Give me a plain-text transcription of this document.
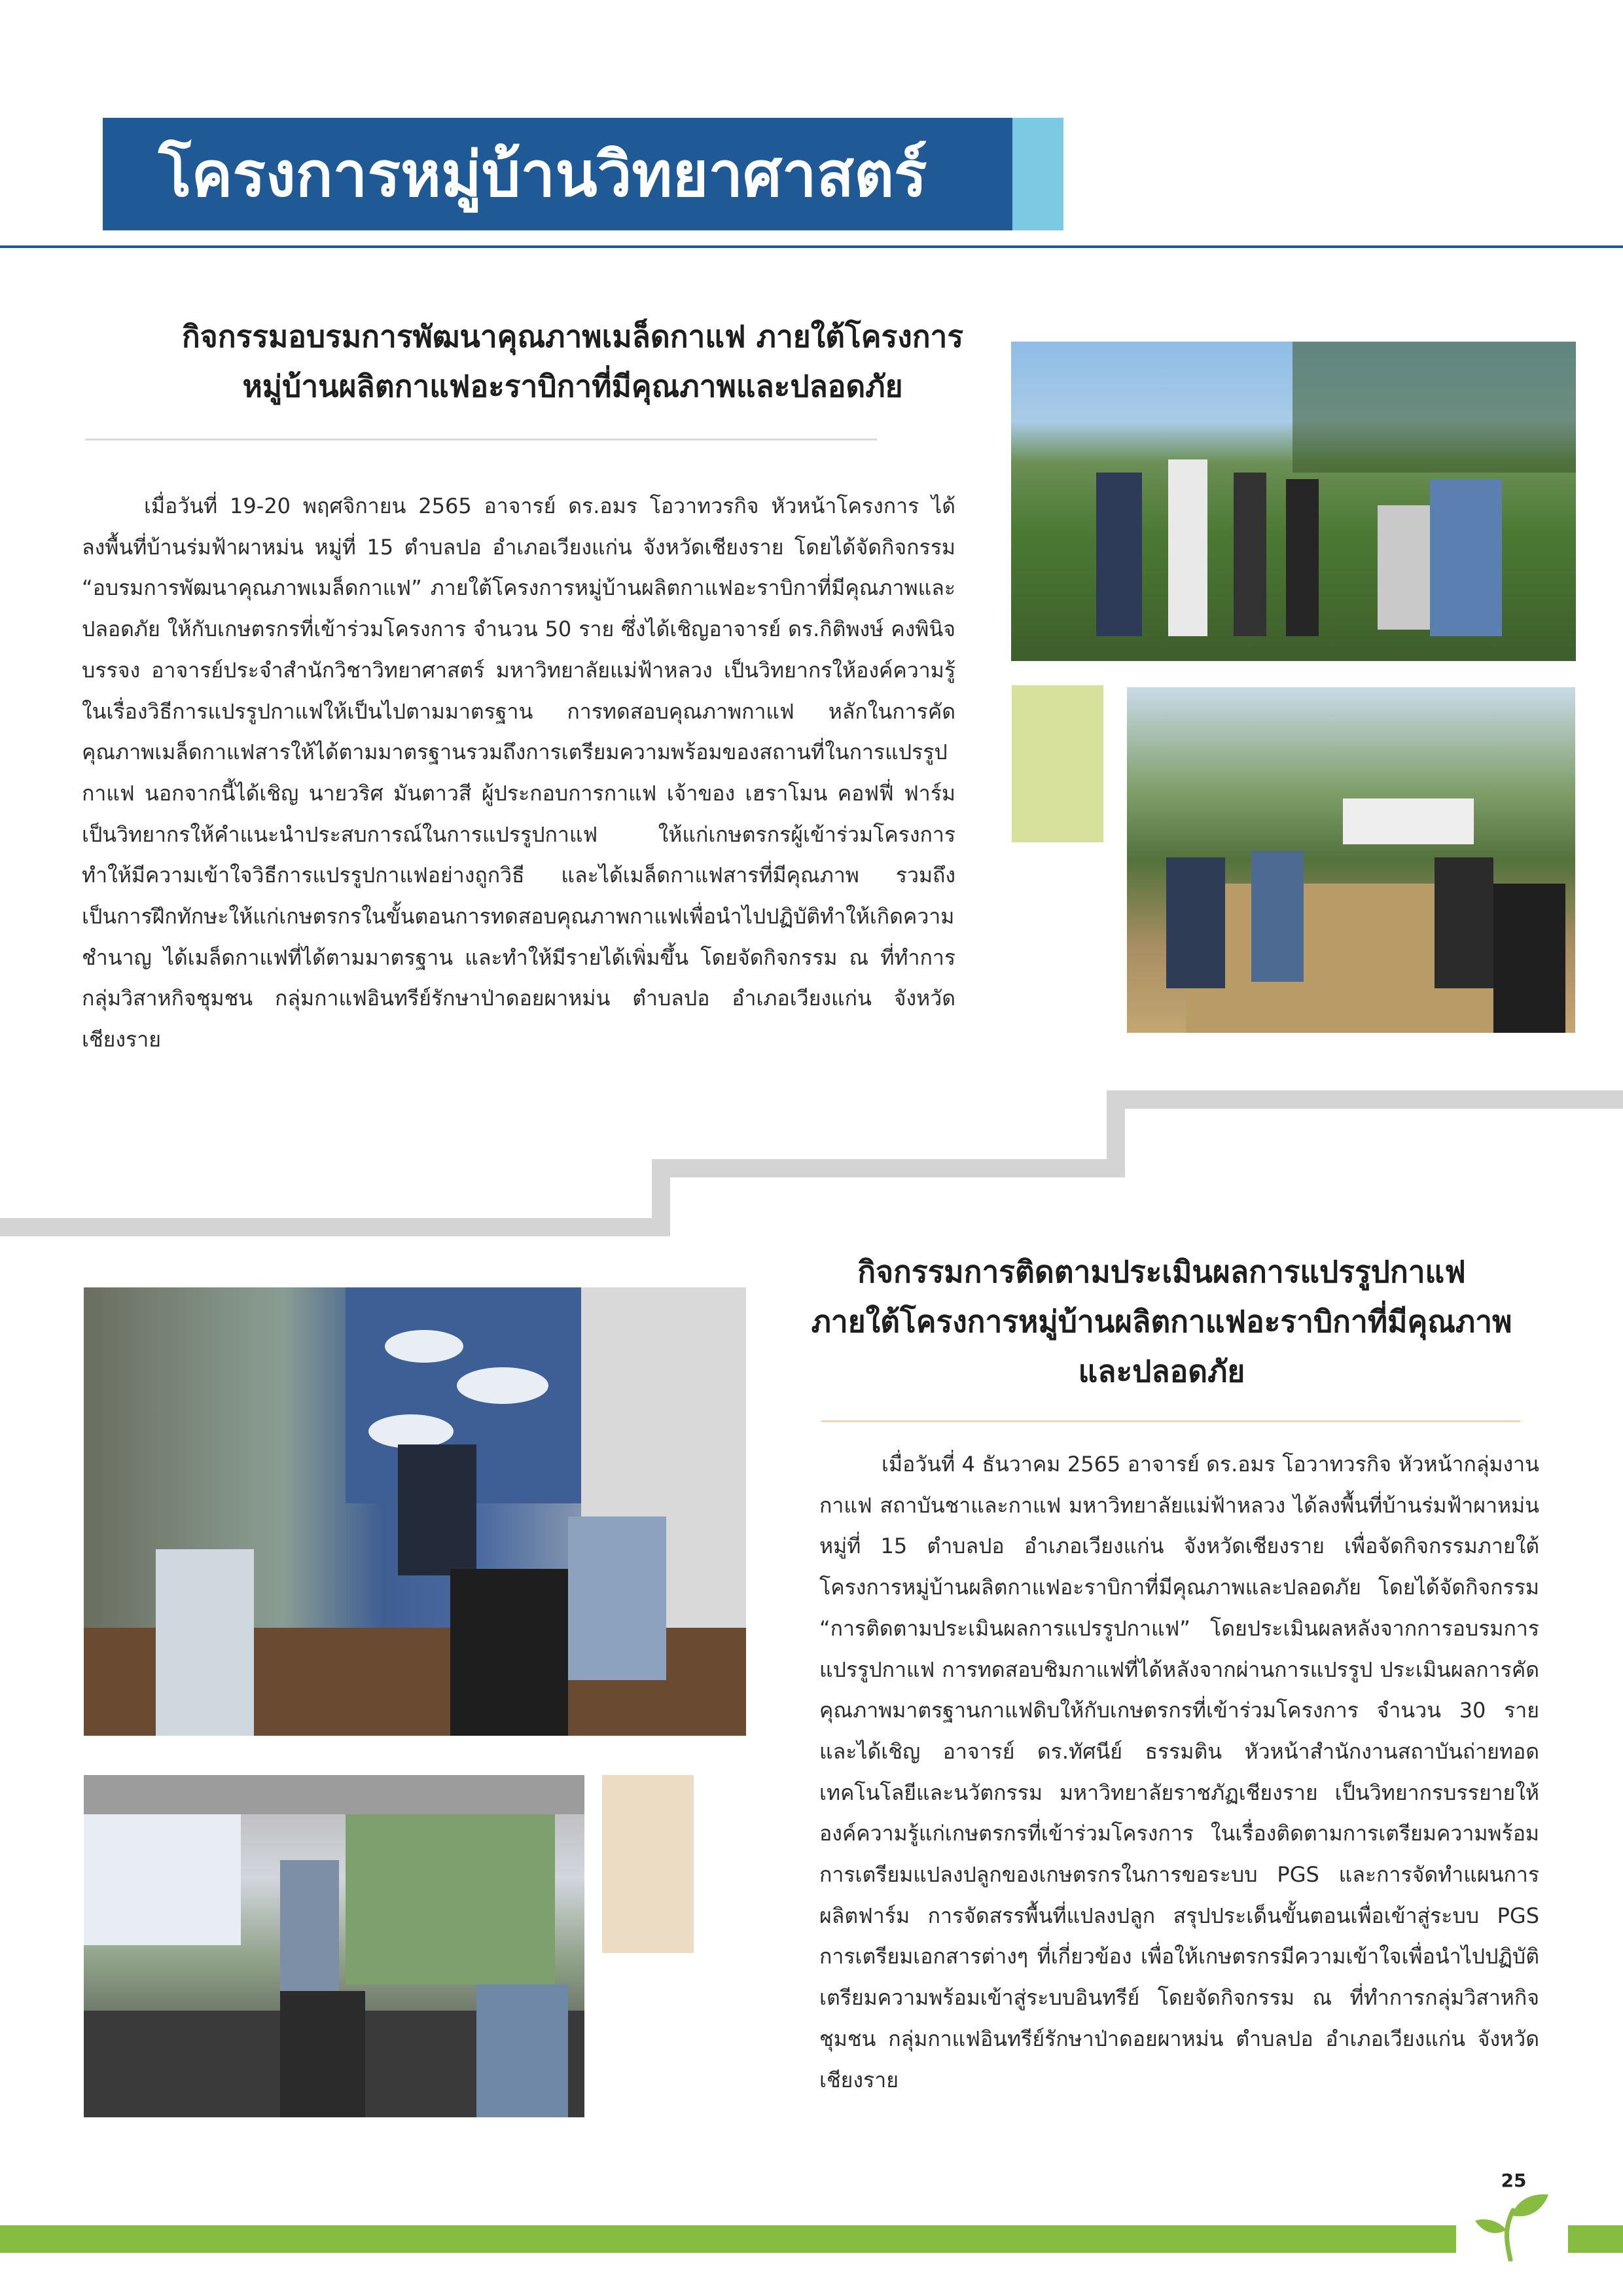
โครงการหมู่บ้านวิทยาศาสตร์
กิจกรรมอบรมการพัฒนาคุณภาพเมล็ดกาแฟ ภายใต้โครงการ
หมู่บ้านผลิตกาแฟอะราบิกาที่มีคุณภาพและปลอดภัย

เมื่อวันที่ 19-20 พฤศจิกายน 2565 อาจารย์ ดร.อมร โอวาทวรกิจ หัวหน้าโครงการ ได้ลงพื้นที่บ้านร่มฟ้าผาหม่น หมู่ที่ 15 ตำบลปอ อำเภอเวียงแก่น จังหวัดเชียงราย โดยได้จัดกิจกรรม “อบรมการพัฒนาคุณภาพเมล็ดกาแฟ” ภายใต้โครงการหมู่บ้านผลิตกาแฟอะราบิกาที่มีคุณภาพและปลอดภัย ให้กับเกษตรกรที่เข้าร่วมโครงการ จำนวน 50 ราย ซึ่งได้เชิญอาจารย์ ดร.กิติพงษ์ คงพินิจบรรจง อาจารย์ประจำสำนักวิชาวิทยาศาสตร์ มหาวิทยาลัยแม่ฟ้าหลวง เป็นวิทยากรให้องค์ความรู้ในเรื่องวิธีการแปรรูปกาแฟให้เป็นไปตามมาตรฐาน การทดสอบคุณภาพกาแฟ หลักในการคัดคุณภาพเมล็ดกาแฟสารให้ได้ตามมาตรฐานรวมถึงการเตรียมความพร้อมของสถานที่ในการแปรรูปกาแฟ นอกจากนี้ได้เชิญ นายวริศ มันตาวสี ผู้ประกอบการกาแฟ เจ้าของ เฮราโมน คอฟฟี่ ฟาร์ม เป็นวิทยากรให้คำแนะนำประสบการณ์ในการแปรรูปกาแฟ ให้แก่เกษตรกรผู้เข้าร่วมโครงการ ทำให้มีความเข้าใจวิธีการแปรรูปกาแฟอย่างถูกวิธี และได้เมล็ดกาแฟสารที่มีคุณภาพ รวมถึงเป็นการฝึกทักษะให้แก่เกษตรกรในขั้นตอนการทดสอบคุณภาพกาแฟเพื่อนำไปปฏิบัติทำให้เกิดความชำนาญ ได้เมล็ดกาแฟที่ได้ตามมาตรฐาน และทำให้มีรายได้เพิ่มขึ้น โดยจัดกิจกรรม ณ ที่ทำการกลุ่มวิสาหกิจชุมชน กลุ่มกาแฟอินทรีย์รักษาป่าดอยผาหม่น ตำบลปอ อำเภอเวียงแก่น จังหวัดเชียงราย

กิจกรรมการติดตามประเมินผลการแปรรูปกาแฟ
ภายใต้โครงการหมู่บ้านผลิตกาแฟอะราบิกาที่มีคุณภาพ
และปลอดภัย

เมื่อวันที่ 4 ธันวาคม 2565 อาจารย์ ดร.อมร โอวาทวรกิจ หัวหน้ากลุ่มงานกาแฟ สถาบันชาและกาแฟ มหาวิทยาลัยแม่ฟ้าหลวง ได้ลงพื้นที่บ้านร่มฟ้าผาหม่น หมู่ที่ 15 ตำบลปอ อำเภอเวียงแก่น จังหวัดเชียงราย เพื่อจัดกิจกรรมภายใต้ โครงการหมู่บ้านผลิตกาแฟอะราบิกาที่มีคุณภาพและปลอดภัย โดยได้จัดกิจกรรม “การติดตามประเมินผลการแปรรูปกาแฟ” โดยประเมินผลหลังจากการอบรมการแปรรูปกาแฟ การทดสอบชิมกาแฟที่ได้หลังจากผ่านการแปรรูป ประเมินผลการคัดคุณภาพมาตรฐานกาแฟดิบให้กับเกษตรกรที่เข้าร่วมโครงการ จำนวน 30 ราย และได้เชิญ อาจารย์ ดร.ทัศนีย์ ธรรมติน หัวหน้าสำนักงานสถาบันถ่ายทอดเทคโนโลยีและนวัตกรรม มหาวิทยาลัยราชภัฏเชียงราย เป็นวิทยากรบรรยายให้องค์ความรู้แก่เกษตรกรที่เข้าร่วมโครงการ ในเรื่องติดตามการเตรียมความพร้อม การเตรียมแปลงปลูกของเกษตรกรในการขอระบบ PGS และการจัดทำแผนการผลิตฟาร์ม การจัดสรรพื้นที่แปลงปลูก สรุปประเด็นขั้นตอนเพื่อเข้าสู่ระบบ PGS การเตรียมเอกสารต่างๆ ที่เกี่ยวข้อง เพื่อให้เกษตรกรมีความเข้าใจเพื่อนำไปปฏิบัติ เตรียมความพร้อมเข้าสู่ระบบอินทรีย์ โดยจัดกิจกรรม ณ ที่ทำการกลุ่มวิสาหกิจชุมชน กลุ่มกาแฟอินทรีย์รักษาป่าดอยผาหม่น ตำบลปอ อำเภอเวียงแก่น จังหวัดเชียงราย

25
